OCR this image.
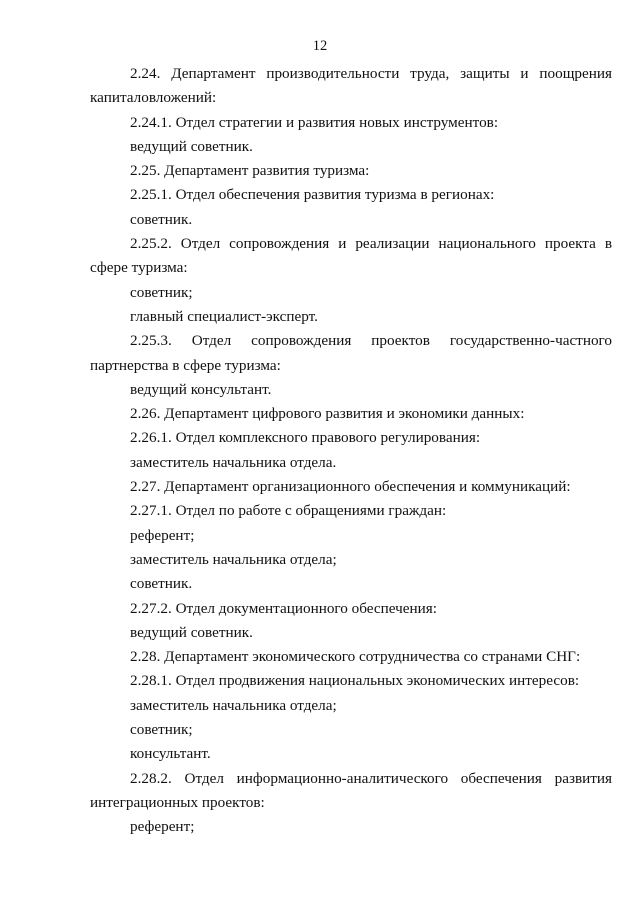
12

2.24. Департамент производительности труда, защиты и поощрения капиталовложений:

2.24.1. Отдел стратегии и развития новых инструментов:

ведущий советник.

2.25. Департамент развития туризма:

2.25.1. Отдел обеспечения развития туризма в регионах:

советник.

2.25.2. Отдел сопровождения и реализации национального проекта в сфере туризма:

советник;

главный специалист-эксперт.

2.25.3. Отдел сопровождения проектов государственно-частного партнерства в сфере туризма:

ведущий консультант.

2.26. Департамент цифрового развития и экономики данных:

2.26.1. Отдел комплексного правового регулирования:

заместитель начальника отдела.

2.27. Департамент организационного обеспечения и коммуникаций:

2.27.1. Отдел по работе с обращениями граждан:

референт;

заместитель начальника отдела;

советник.

2.27.2. Отдел документационного обеспечения:

ведущий советник.

2.28. Департамент экономического сотрудничества со странами СНГ:

2.28.1. Отдел продвижения национальных экономических интересов:

заместитель начальника отдела;

советник;

консультант.

2.28.2. Отдел информационно-аналитического обеспечения развития интеграционных проектов:

референт;
